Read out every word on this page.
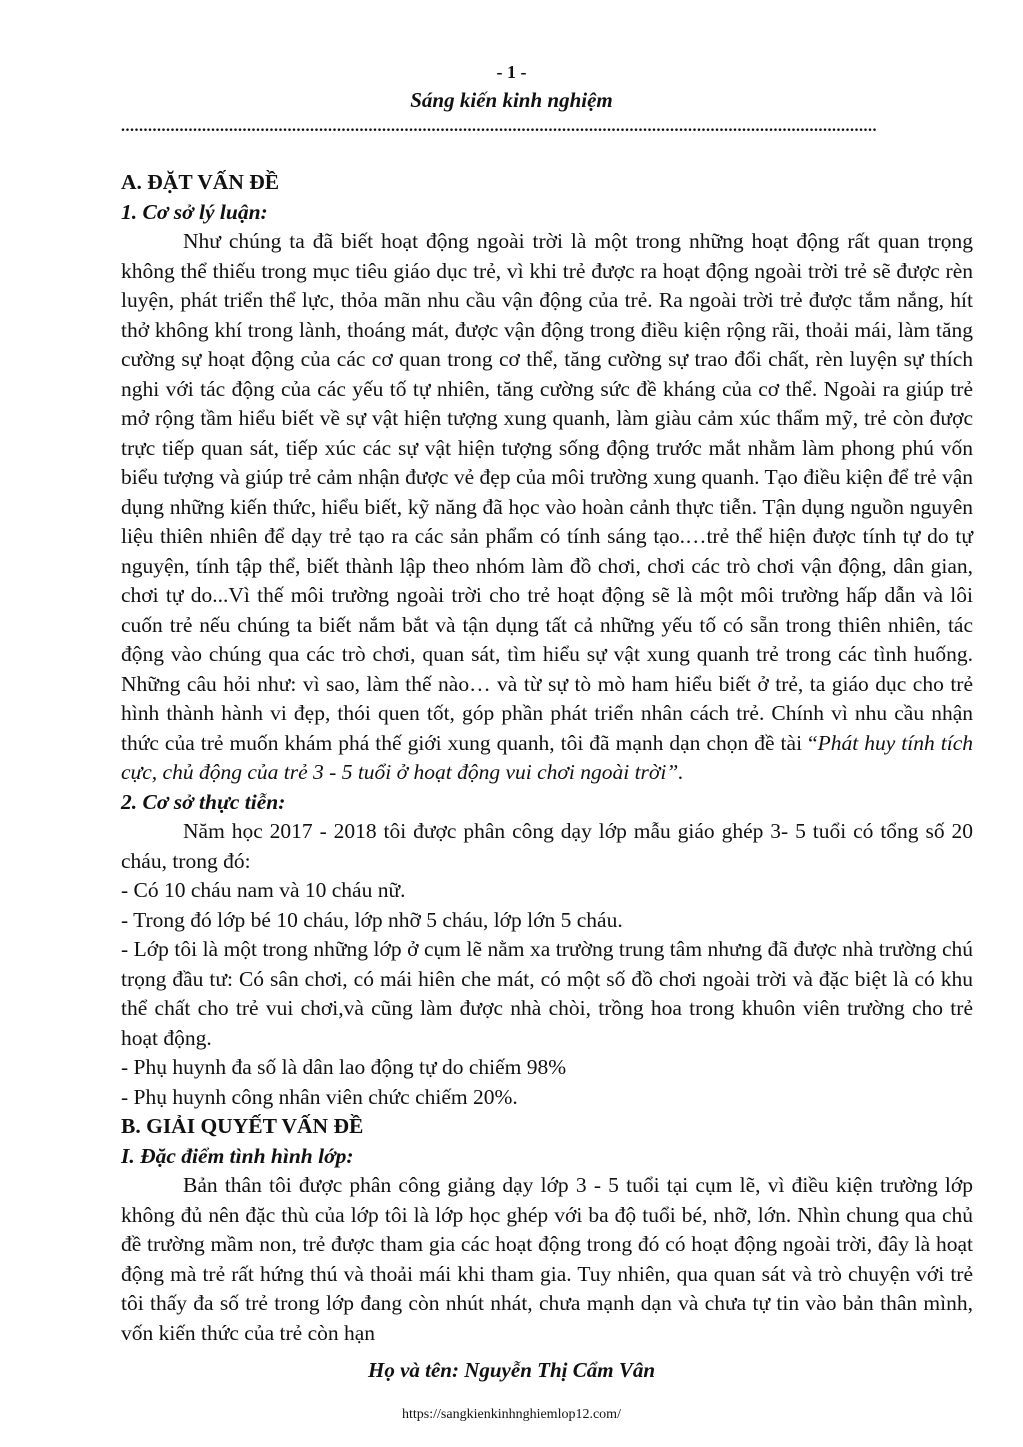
- 1 -
Sáng kiến kinh nghiệm
........................................................................................................................................................................

A. ĐẶT VẤN ĐỀ

1. Cơ sở lý luận:

Như chúng ta đã biết hoạt động ngoài trời là một trong những hoạt động rất quan trọng không thể thiếu trong mục tiêu giáo dục trẻ, vì khi trẻ được ra hoạt động ngoài trời trẻ sẽ được rèn luyện, phát triển thể lực, thỏa mãn nhu cầu vận động của trẻ. Ra ngoài trời trẻ được tắm nắng, hít thở không khí trong lành, thoáng mát, được vận động trong điều kiện rộng rãi, thoải mái, làm tăng cường sự hoạt động của các cơ quan trong cơ thể, tăng cường sự trao đổi chất, rèn luyện sự thích nghi với tác động của các yếu tố tự nhiên, tăng cường sức đề kháng của cơ thể. Ngoài ra giúp trẻ mở rộng tầm hiểu biết về sự vật hiện tượng xung quanh, làm giàu cảm xúc thẩm mỹ, trẻ còn được trực tiếp quan sát, tiếp xúc các sự vật hiện tượng sống động trước mắt nhằm làm phong phú vốn biểu tượng và giúp trẻ cảm nhận được vẻ đẹp của môi trường xung quanh. Tạo điều kiện để trẻ vận dụng những kiến thức, hiểu biết, kỹ năng đã học vào hoàn cảnh thực tiễn. Tận dụng nguồn nguyên liệu thiên nhiên để dạy trẻ tạo ra các sản phẩm có tính sáng tạo.…trẻ thể hiện được tính tự do tự nguyện, tính tập thể, biết thành lập theo nhóm làm đồ chơi, chơi các trò chơi vận động, dân gian, chơi tự do...Vì thế môi trường ngoài trời cho trẻ hoạt động sẽ là một môi trường hấp dẫn và lôi cuốn trẻ nếu chúng ta biết nắm bắt và tận dụng tất cả những yếu tố có sẵn trong thiên nhiên, tác động vào chúng qua các trò chơi, quan sát, tìm hiểu sự vật xung quanh trẻ trong các tình huống. Những câu hỏi như: vì sao, làm thế nào… và từ sự tò mò ham hiểu biết ở trẻ, ta giáo dục cho trẻ hình thành hành vi đẹp, thói quen tốt, góp phần phát triển nhân cách trẻ. Chính vì nhu cầu nhận thức của trẻ muốn khám phá thế giới xung quanh, tôi đã mạnh dạn chọn đề tài “Phát huy tính tích cực, chủ động của trẻ 3 - 5 tuổi ở hoạt động vui chơi ngoài trời”.

2. Cơ sở thực tiễn:

Năm học 2017 - 2018 tôi được phân công dạy lớp mẫu giáo ghép 3- 5 tuổi có tổng số 20 cháu, trong đó:

- Có 10 cháu nam và 10 cháu nữ.

- Trong đó lớp bé 10 cháu, lớp nhỡ 5 cháu, lớp lớn 5 cháu.

- Lớp tôi là một trong những lớp ở cụm lẽ nằm xa trường trung tâm nhưng đã được nhà trường chú trọng đầu tư: Có sân chơi, có mái hiên che mát, có một số đồ chơi ngoài trời và đặc biệt là có khu thể chất cho trẻ vui chơi,và cũng làm được nhà chòi, trồng hoa trong khuôn viên trường cho trẻ hoạt động.

- Phụ huynh đa số là dân lao động tự do chiếm 98%

- Phụ huynh công nhân viên chức chiếm 20%.

B. GIẢI QUYẾT VẤN ĐỀ

I. Đặc điểm tình hình lớp:

Bản thân tôi được phân công giảng dạy lớp 3 - 5 tuổi tại cụm lẽ, vì điều kiện trường lớp không đủ nên đặc thù của lớp tôi là lớp học ghép với ba độ tuổi bé, nhỡ, lớn. Nhìn chung qua chủ đề trường mầm non, trẻ được tham gia các hoạt động trong đó có hoạt động ngoài trời, đây là hoạt động mà trẻ rất hứng thú và thoải mái khi tham gia. Tuy nhiên, qua quan sát và trò chuyện với trẻ tôi thấy đa số trẻ trong lớp đang còn nhút nhát, chưa mạnh dạn và chưa tự tin vào bản thân mình, vốn kiến thức của trẻ còn hạn

Họ và tên: Nguyễn Thị Cẩm Vân
https://sangkienkinhnghiemlop12.com/
